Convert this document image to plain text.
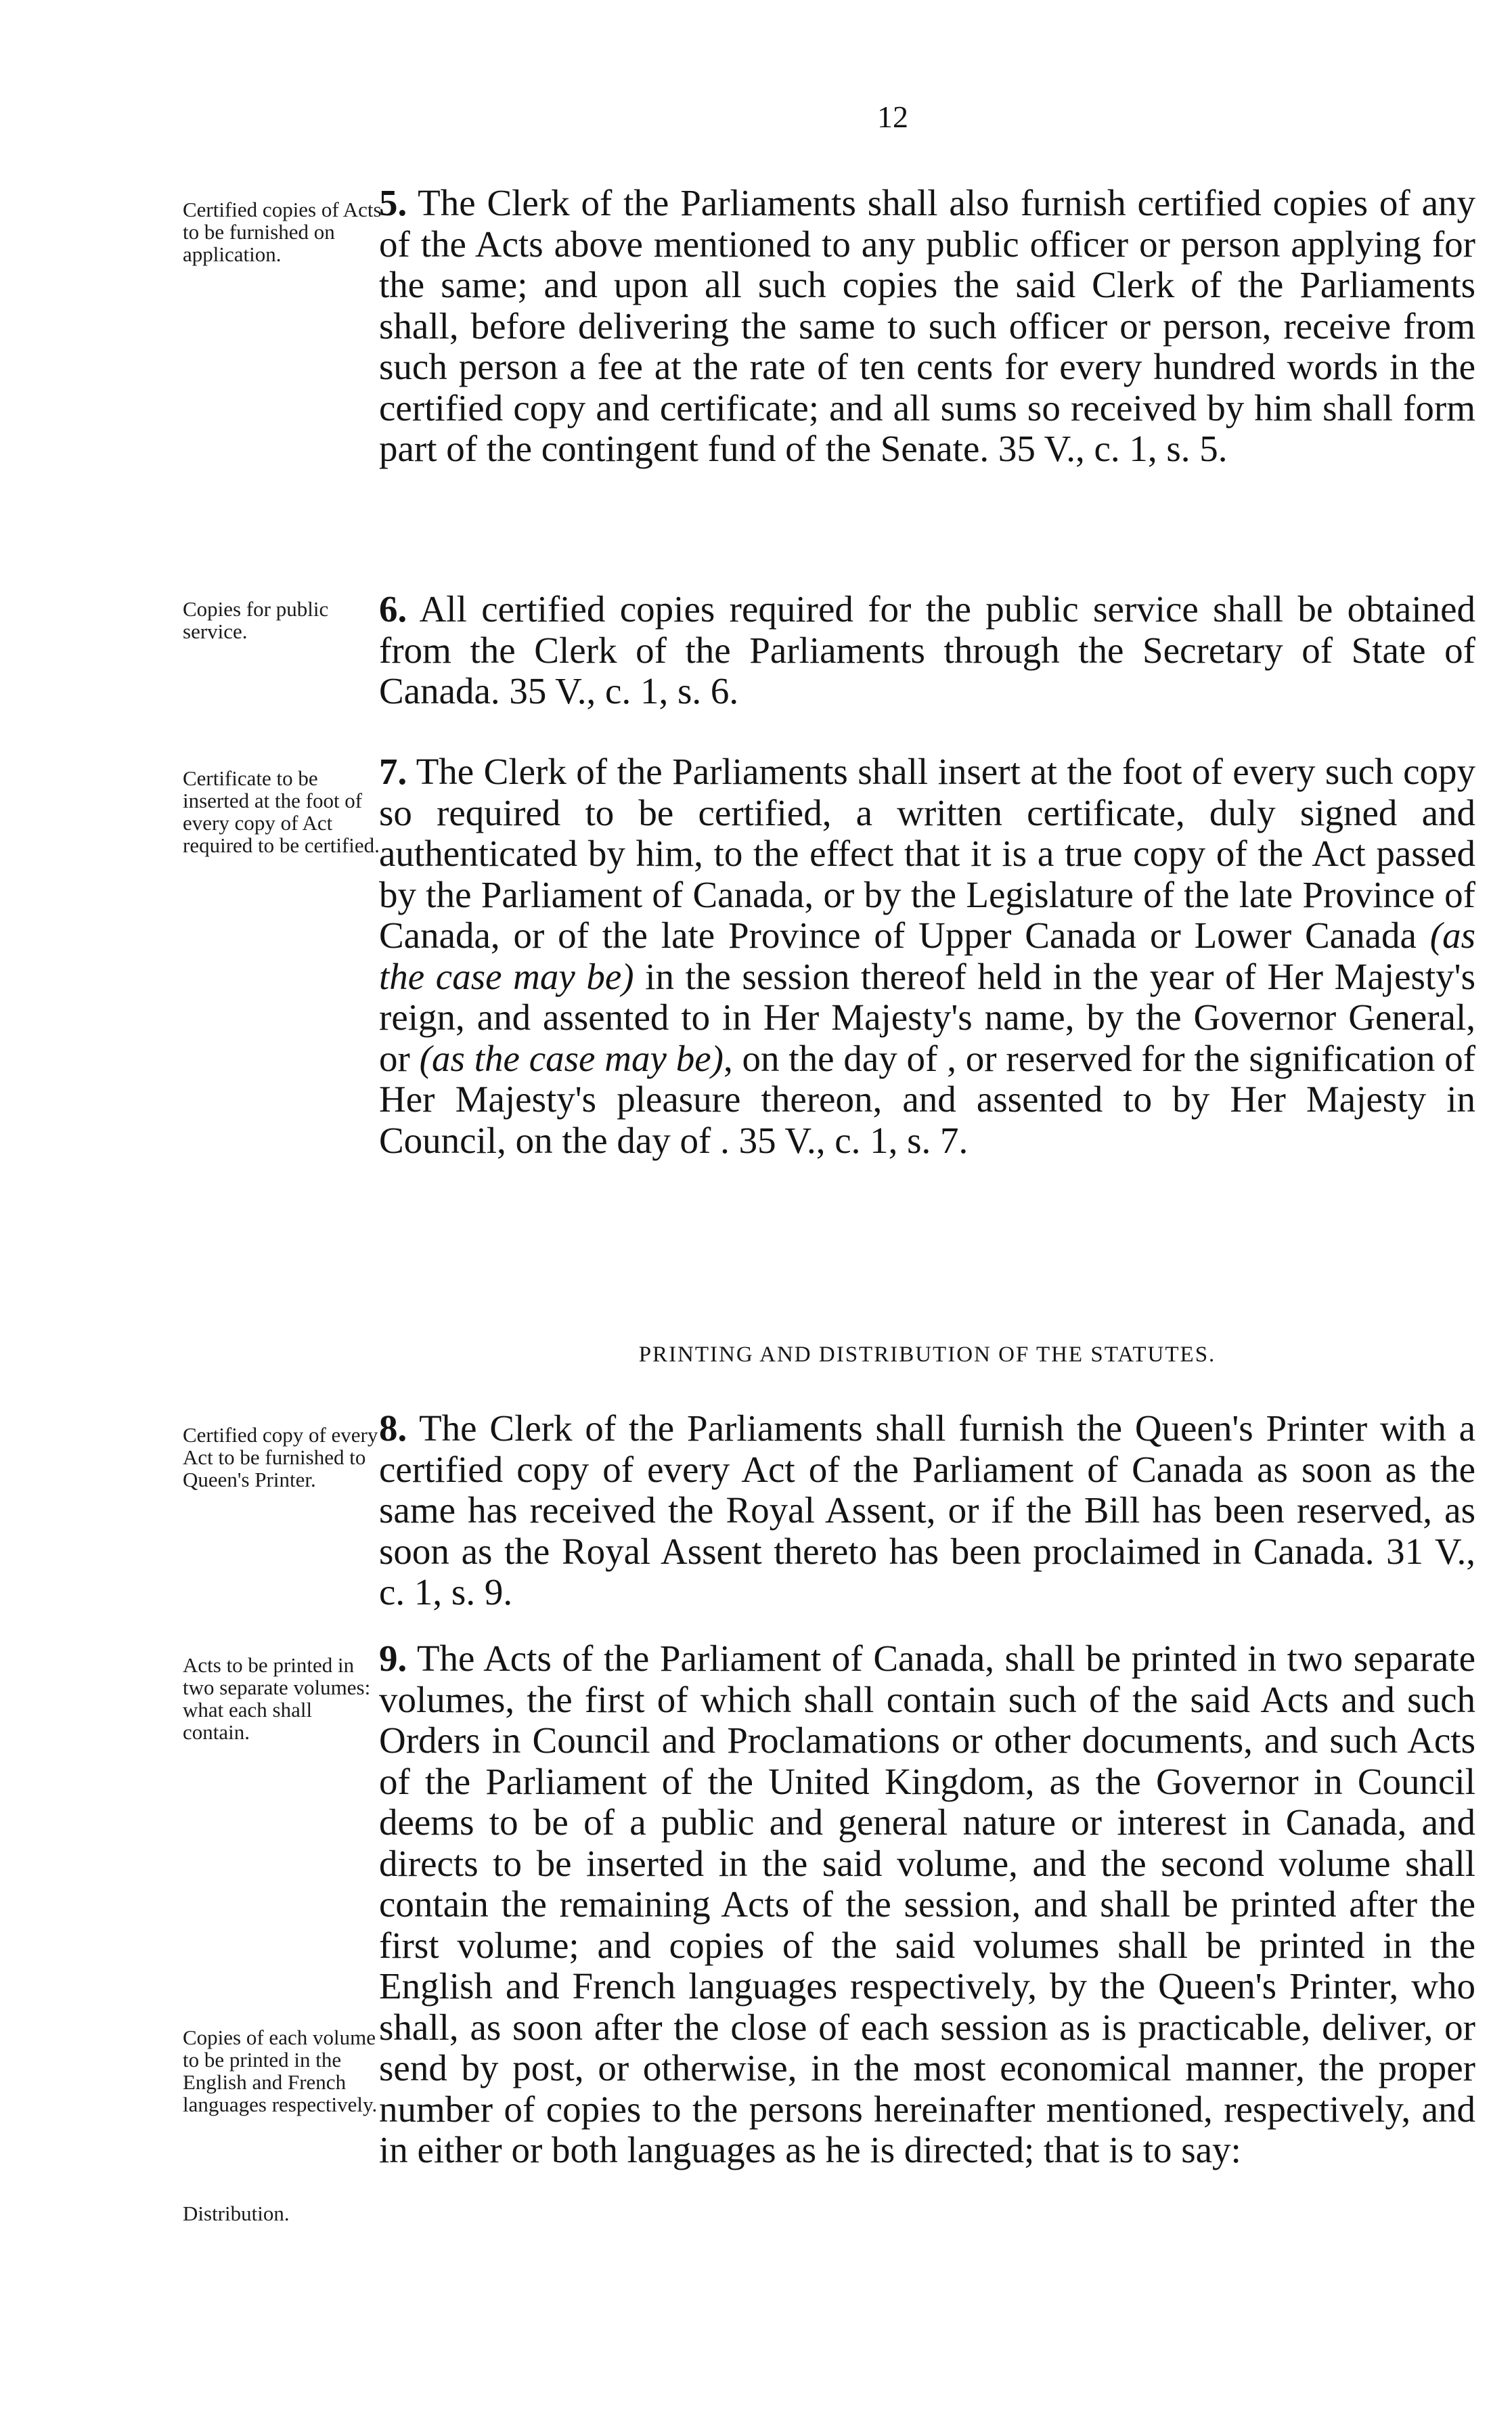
12
Certified copies of Acts to be furnished on application.

5. The Clerk of the Parliaments shall also furnish certified copies of any of the Acts above mentioned to any public officer or person applying for the same; and upon all such copies the said Clerk of the Parliaments shall, before delivering the same to such officer or person, receive from such person a fee at the rate of ten cents for every hundred words in the certified copy and certificate; and all sums so received by him shall form part of the contingent fund of the Senate. 35 V., c. 1, s. 5.

Copies for public service.

6. All certified copies required for the public service shall be obtained from the Clerk of the Parliaments through the Secretary of State of Canada. 35 V., c. 1, s. 6.

Certificate to be inserted at the foot of every copy of Act required to be certified.

7. The Clerk of the Parliaments shall insert at the foot of every such copy so required to be certified, a written certificate, duly signed and authenticated by him, to the effect that it is a true copy of the Act passed by the Parliament of Canada, or by the Legislature of the late Province of Canada, or of the late Province of Upper Canada or Lower Canada (as the case may be) in the session thereof held in the year of Her Majesty's reign, and assented to in Her Majesty's name, by the Governor General, or (as the case may be), on the day of , or reserved for the signification of Her Majesty's pleasure thereon, and assented to by Her Majesty in Council, on the day of . 35 V., c. 1, s. 7.

PRINTING AND DISTRIBUTION OF THE STATUTES.
Certified copy of every Act to be furnished to Queen's Printer.

8. The Clerk of the Parliaments shall furnish the Queen's Printer with a certified copy of every Act of the Parliament of Canada as soon as the same has received the Royal Assent, or if the Bill has been reserved, as soon as the Royal Assent thereto has been proclaimed in Canada. 31 V., c. 1, s. 9.

Acts to be printed in two separate volumes: what each shall contain.
Copies of each volume to be printed in the English and French languages respectively.
Distribution.

9. The Acts of the Parliament of Canada, shall be printed in two separate volumes, the first of which shall contain such of the said Acts and such Orders in Council and Proclamations or other documents, and such Acts of the Parliament of the United Kingdom, as the Governor in Council deems to be of a public and general nature or interest in Canada, and directs to be inserted in the said volume, and the second volume shall contain the remaining Acts of the session, and shall be printed after the first volume; and copies of the said volumes shall be printed in the English and French languages respectively, by the Queen's Printer, who shall, as soon after the close of each session as is practicable, deliver, or send by post, or otherwise, in the most economical manner, the proper number of copies to the persons hereinafter mentioned, respectively, and in either or both languages as he is directed; that is to say:
